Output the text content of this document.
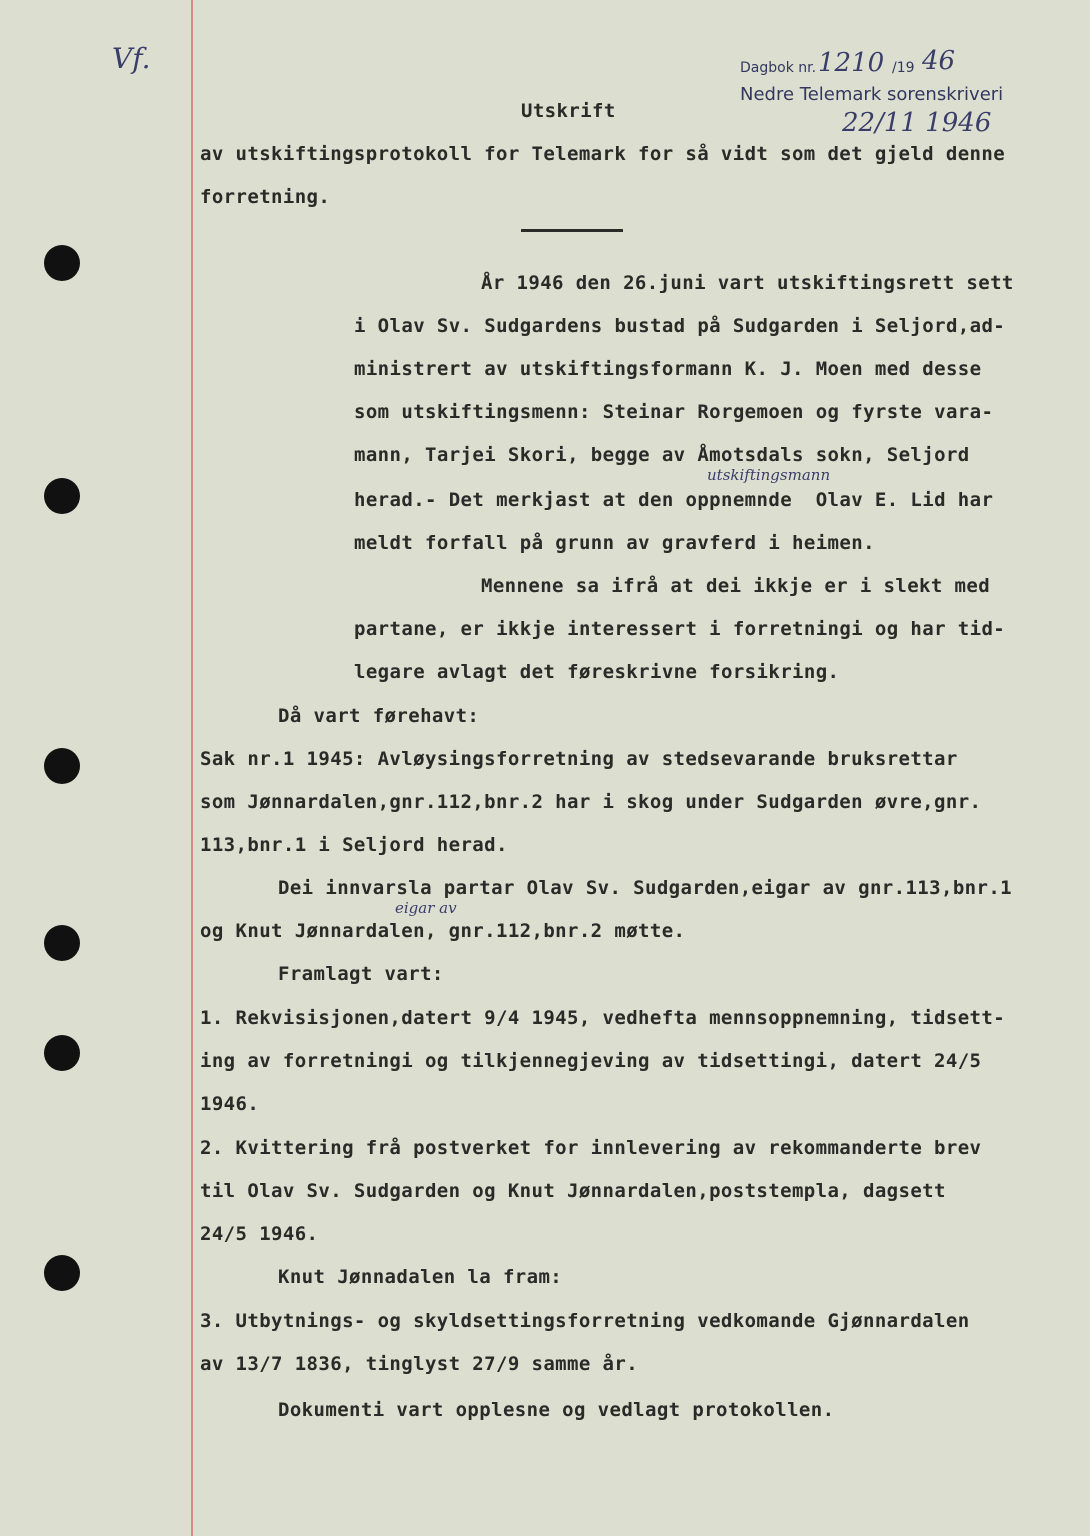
Vf.	Dagbok nr. 1210 /19 46
Nedre Telemark sorenskriveri
22/11 1946
Utskrift
av utskiftingsprotokoll for Telemark for så vidt som det gjeld denne
forretning.
År 1946 den 26.juni vart utskiftingsrett sett
i Olav Sv. Sudgardens bustad på Sudgarden i Seljord,ad-
ministrert av utskiftingsformann K. J. Moen med desse
som utskiftingsmenn: Steinar Rorgemoen og fyrste vara-
mann, Tarjei Skori, begge av Åmotsdals sokn, Seljord
utskiftingsmann
herad.- Det merkjast at den oppnemnde  Olav E. Lid har
meldt forfall på grunn av gravferd i heimen.
Mennene sa ifrå at dei ikkje er i slekt med
partane, er ikkje interessert i forretningi og har tid-
legare avlagt det føreskrivne forsikring.
Då vart førehavt:
Sak nr.1 1945: Avløysingsforretning av stedsevarande bruksrettar
som Jønnardalen,gnr.112,bnr.2 har i skog under Sudgarden øvre,gnr.
113,bnr.1 i Seljord herad.
Dei innvarsla partar Olav Sv. Sudgarden,eigar av gnr.113,bnr.1
eigar av
og Knut Jønnardalen, gnr.112,bnr.2 møtte.
Framlagt vart:
1. Rekvisisjonen,datert 9/4 1945, vedhefta mennsoppnemning, tidsett-
ing av forretningi og tilkjennegjeving av tidsettingi, datert 24/5
1946.
2. Kvittering frå postverket for innlevering av rekommanderte brev
til Olav Sv. Sudgarden og Knut Jønnardalen,poststempla, dagsett
24/5 1946.
Knut Jønnadalen la fram:
3. Utbytnings- og skyldsettingsforretning vedkomande Gjønnardalen
av 13/7 1836, tinglyst 27/9 samme år.
Dokumenti vart opplesne og vedlagt protokollen.
